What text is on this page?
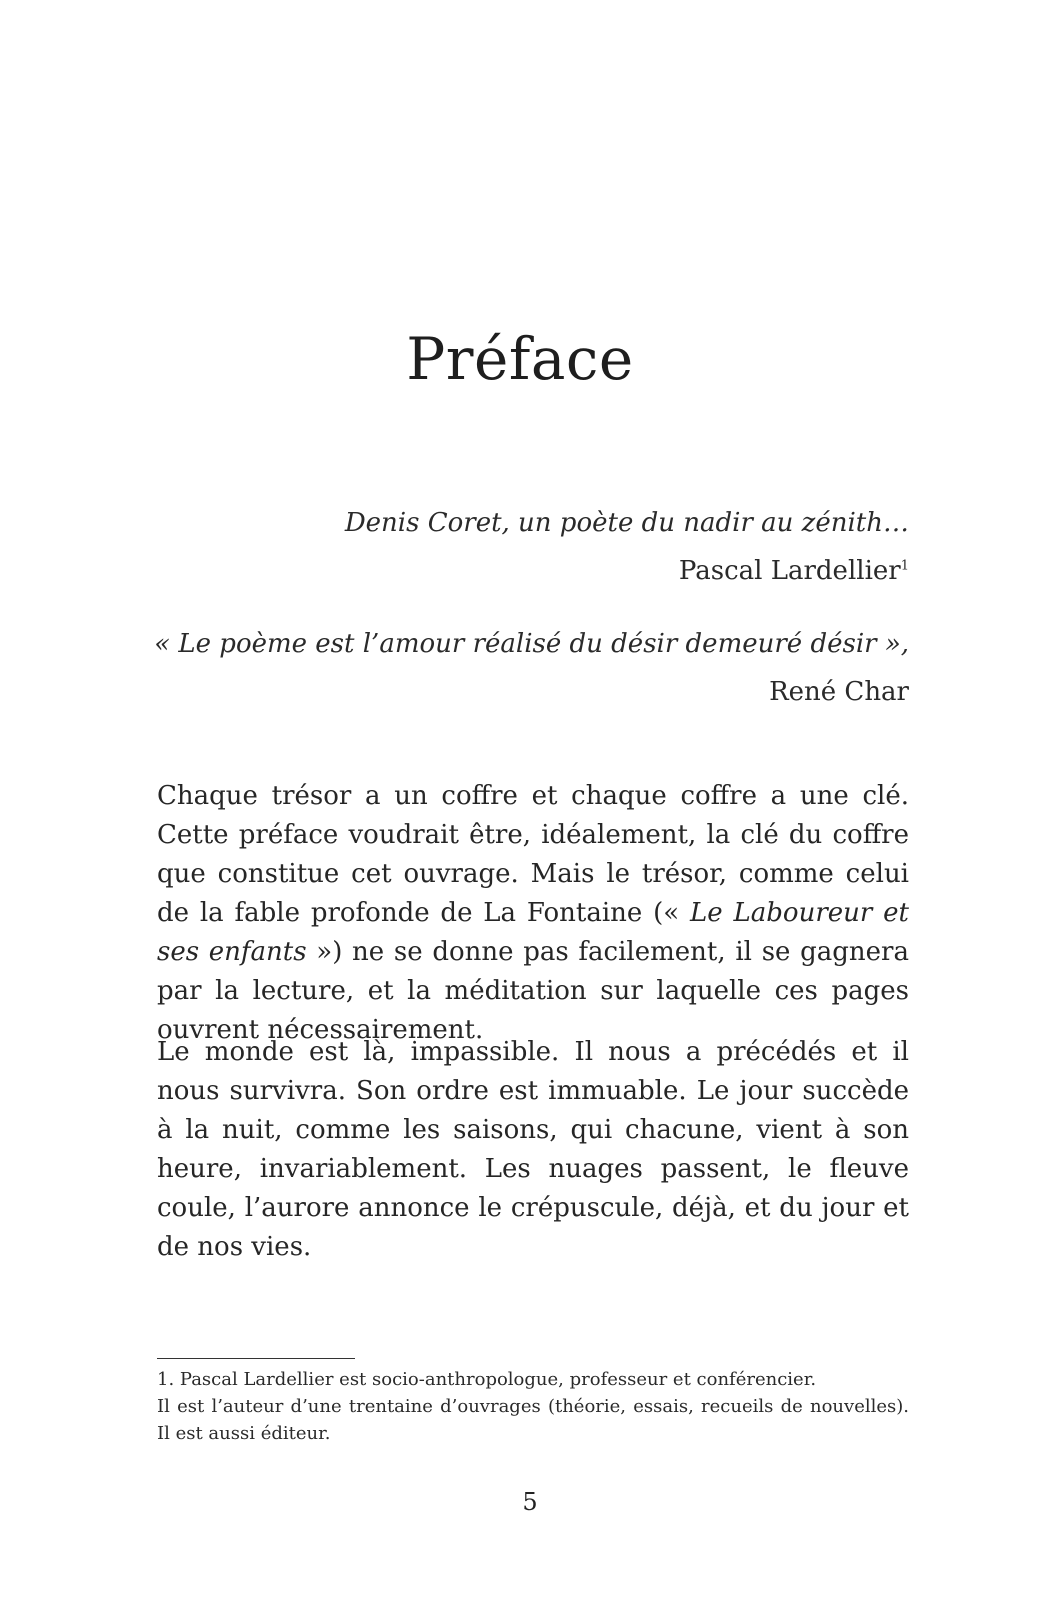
Préface
Denis Coret, un poète du nadir au zénith…
Pascal Lardellier$^1$
« Le poème est l’amour réalisé du désir demeuré désir »,
René Char

Chaque trésor a un coffre et chaque coffre a une clé. Cette préface voudrait être, idéalement, la clé du coffre que constitue cet ouvrage. Mais le trésor, comme celui de la fable profonde de La Fontaine (« Le Laboureur et ses enfants ») ne se donne pas facilement, il se gagnera par la lecture, et la méditation sur laquelle ces pages ouvrent nécessairement.

Le monde est là, impassible. Il nous a précédés et il nous survivra. Son ordre est immuable. Le jour succède à la nuit, comme les saisons, qui chacune, vient à son heure, invariablement. Les nuages passent, le fleuve coule, l’aurore annonce le crépuscule, déjà, et du jour et de nos vies.

1. Pascal Lardellier est socio-anthropologue, professeur et conférencier.
Il est l’auteur d’une trentaine d’ouvrages (théorie, essais, recueils de nouvelles). Il est aussi éditeur.
5
